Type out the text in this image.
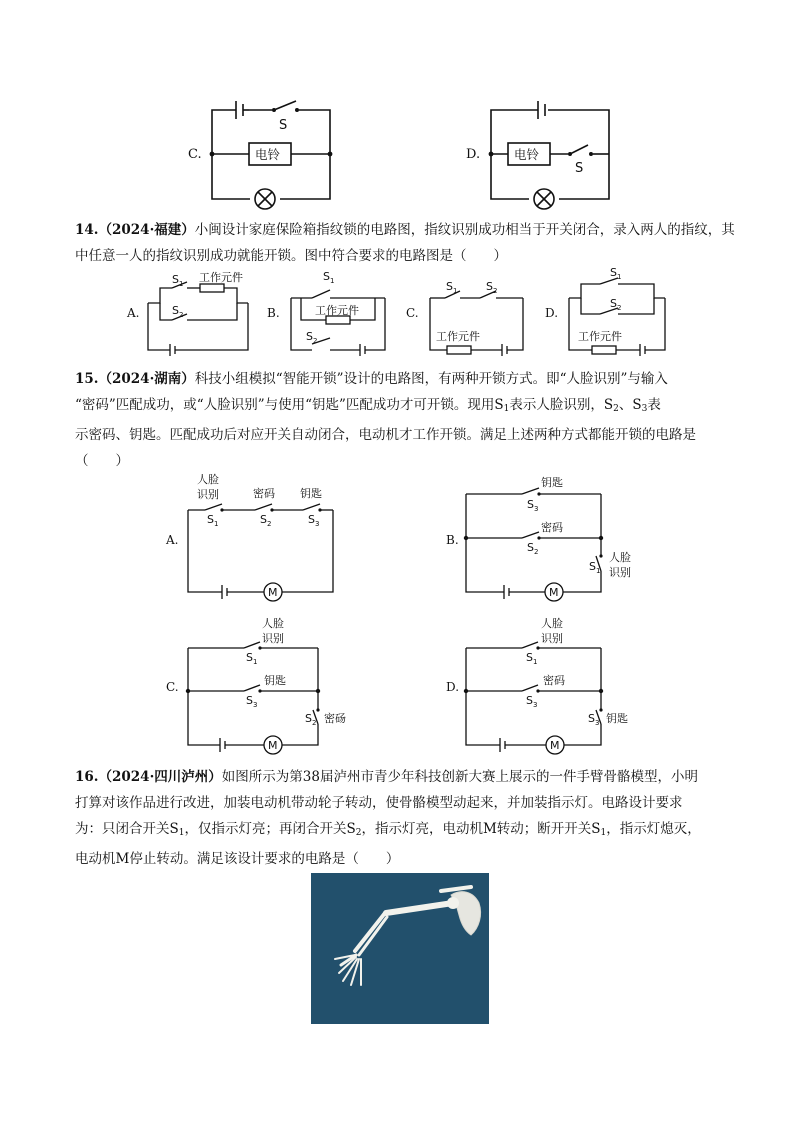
C.
S
电铃	D.	电铃
S
14.（2024·福建）小闽设计家庭保险箱指纹锁的电路图，指纹识别成功相当于开关闭合，录入两人的指纹，其中任意一人的指纹识别成功就能开锁。图中符合要求的电路图是（　　）
A.
S 1
S 2
工作元件
B.
S 1
工作元件
S 2
C.
S 1	S 2
工作元件
D.
S 1
S 2
工作元件
15.（2024·湖南）科技小组模拟“智能开锁”设计的电路图，有两种开锁方式。即“人脸识别”与输入
“密码”匹配成功，或“人脸识别”与使用“钥匙”匹配成功才可开锁。现用$S_1$表示人脸识别，$S_2$、$S_3$表
示密码、钥匙。匹配成功后对应开关自动闭合，电动机才工作开锁。满足上述两种方式都能开锁的电路是
（　　）
A.
M
人脸
识别
S 1
密码
S 2
钥匙
S 3
B.
M
钥匙
S 3
密码
S 2	人脸
识别
S 1
C.
M
人脸
识别
S 1
钥匙
S 3
S 2 密砀
D.
M
人脸
识别
S 1
密码
S 3
S 3 钥匙
16.（2024·四川泸州）如图所示为第38届泸州市青少年科技创新大赛上展示的一件手臂骨骼模型，小明
打算对该作品进行改进，加装电动机带动轮子转动，使骨骼模型动起来，并加装指示灯。电路设计要求
为：只闭合开关$S_1$，仅指示灯亮；再闭合开关$S_2$，指示灯亮，电动机M转动；断开开关$S_1$，指示灯熄灭，
电动机M停止转动。满足该设计要求的电路是（　　）
